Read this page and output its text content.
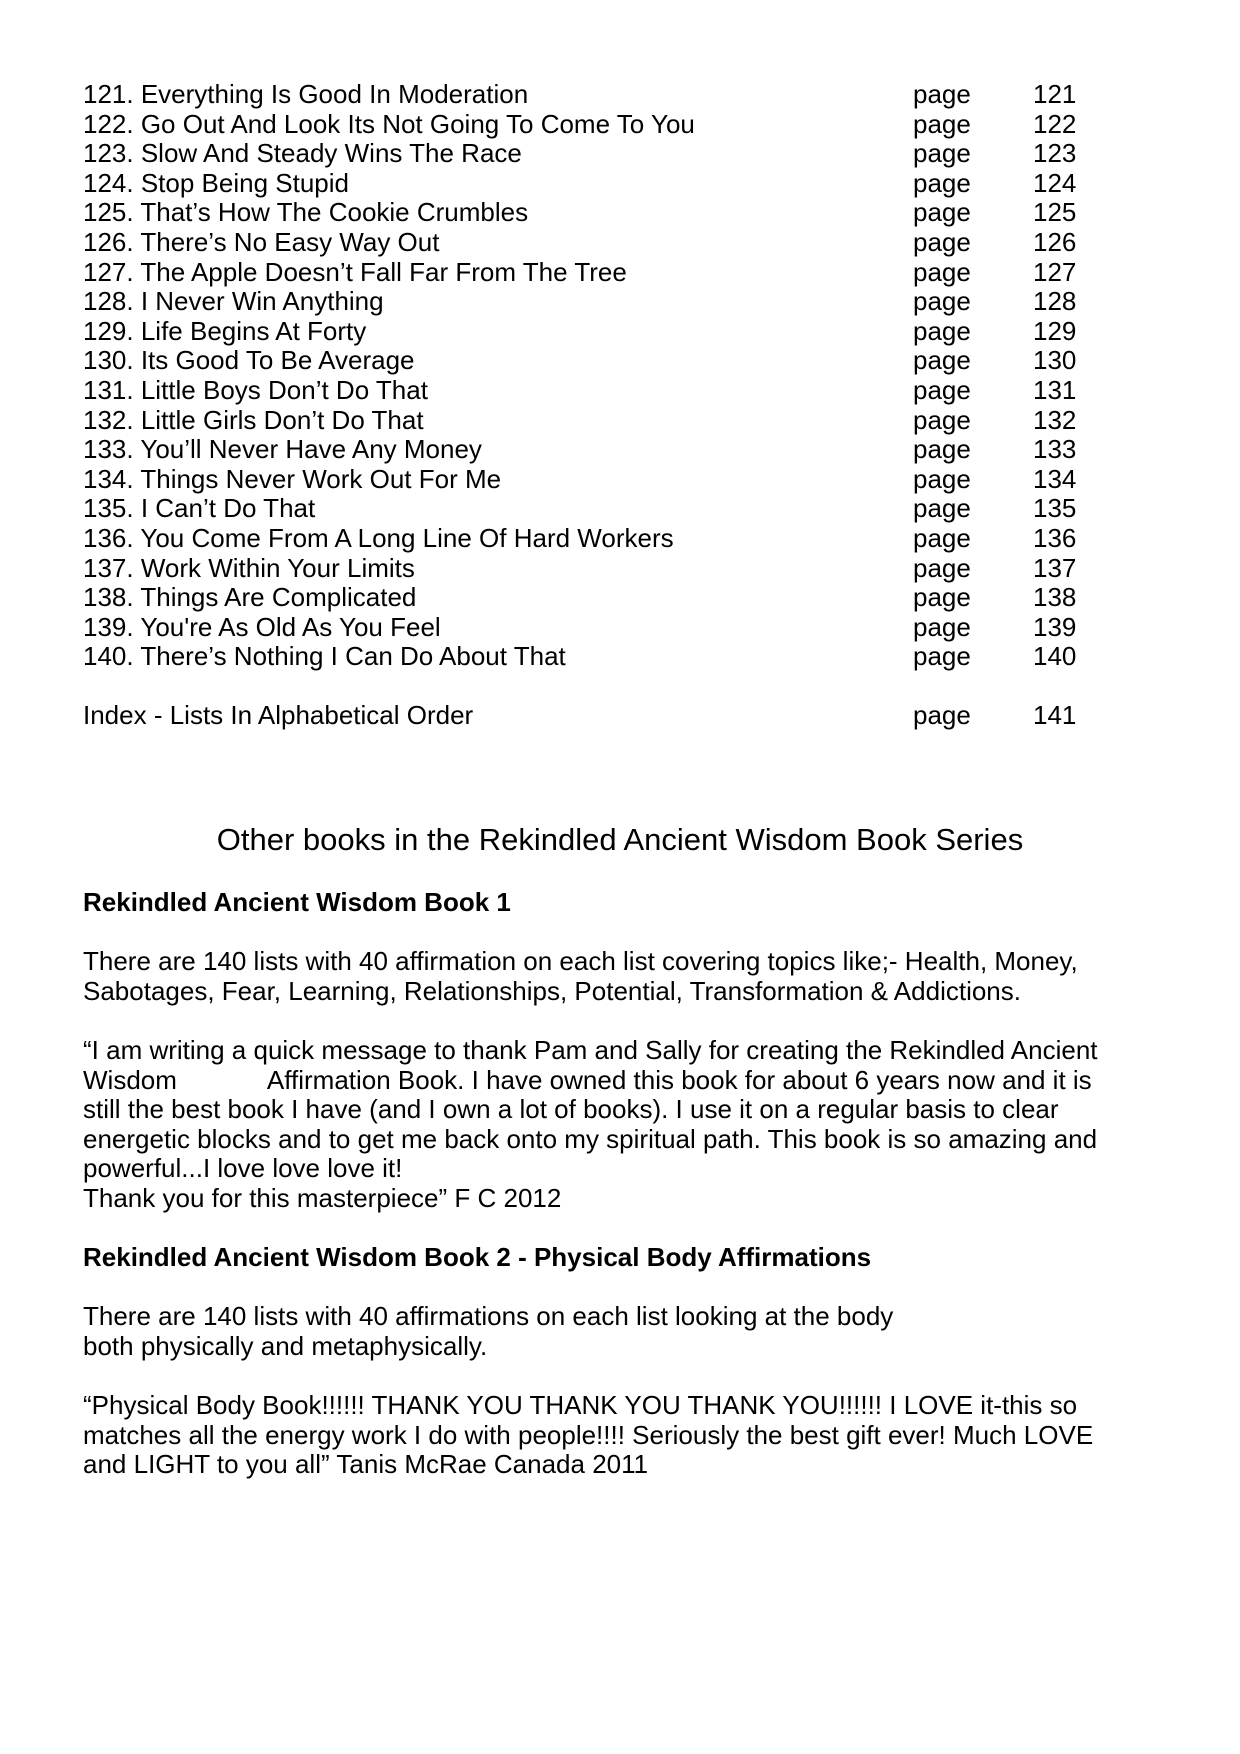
121. Everything Is Good In Moderation	page 121
122. Go Out And Look Its Not Going To Come To You	page 122
123. Slow And Steady Wins The Race	page 123
124. Stop Being Stupid	page 124
125. That’s How The Cookie Crumbles	page 125
126. There’s No Easy Way Out	page 126
127. The Apple Doesn’t Fall Far From The Tree	page 127
128. I Never Win Anything	page 128
129. Life Begins At Forty	page 129
130. Its Good To Be Average	page 130
131. Little Boys Don’t Do That	page 131
132. Little Girls Don’t Do That	page 132
133. You’ll Never Have Any Money	page 133
134. Things Never Work Out For Me	page 134
135. I Can’t Do That	page 135
136. You Come From A Long Line Of Hard Workers	page 136
137. Work Within Your Limits	page 137
138. Things Are Complicated	page 138
139. You're As Old As You Feel	page 139
140. There’s Nothing I Can Do About That	page 140
Index - Lists In Alphabetical Order	page 141
Other books in the Rekindled Ancient Wisdom Book Series
Rekindled Ancient Wisdom Book 1
There are 140 lists with 40 affirmation on each list covering topics like;- Health, Money,
Sabotages, Fear, Learning, Relationships, Potential, Transformation & Addictions.
“I am writing a quick message to thank Pam and Sally for creating the Rekindled Ancient
Wisdom	Affirmation Book. I have owned this book for about 6 years now and it is
still the best book I have (and I own a lot of books). I use it on a regular basis to clear
energetic blocks and to get me back onto my spiritual path. This book is so amazing and
powerful...I love love love it!
Thank you for this masterpiece” F C 2012
Rekindled Ancient Wisdom Book 2 - Physical Body Affirmations
There are 140 lists with 40 affirmations on each list looking at the body
both physically and metaphysically.
“Physical Body Book!!!!!! THANK YOU THANK YOU THANK YOU!!!!!! I LOVE it-this so
matches all the energy work I do with people!!!! Seriously the best gift ever! Much LOVE
and LIGHT to you all” Tanis McRae Canada 2011
